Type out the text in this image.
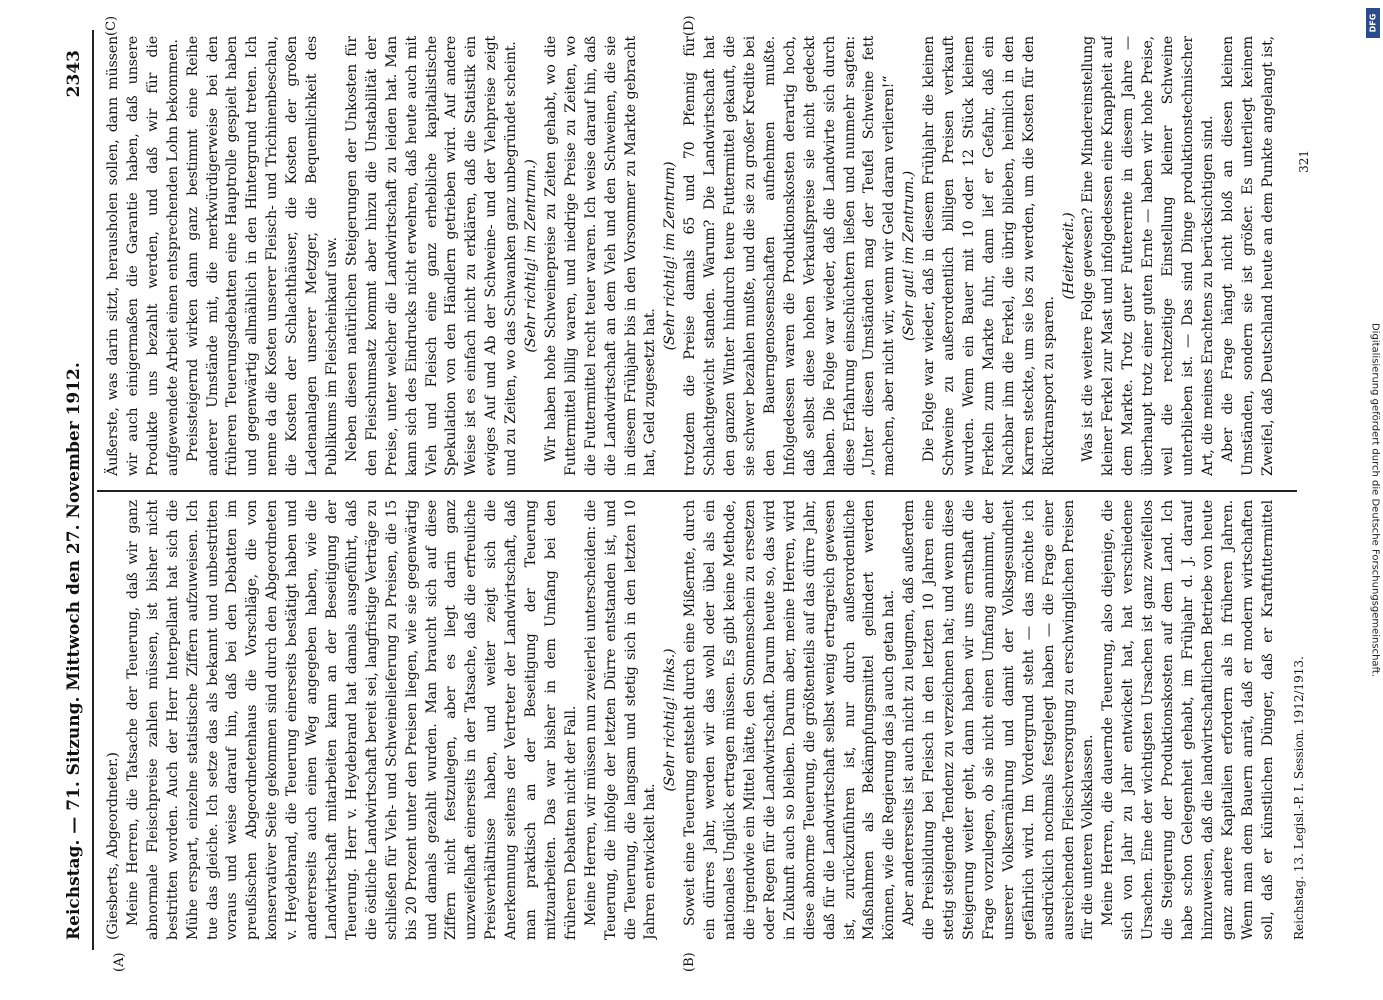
Reichstag. — 71. Sitzung. Mittwoch den 27. November 1912.
2343
(A)	(B)
(C)	(D)

(Giesberts, Abgeordneter.) Meine Herren, die Tatsache der Teuerung, daß wir ganz abnormale Fleischpreise zahlen müssen, ist bisher nicht bestritten worden. Auch der Herr Interpellant hat sich die Mühe erspart, einzelne statistische Ziffern aufzuweisen. Ich tue das gleiche. Ich setze das als bekannt und unbestritten voraus und weise darauf hin, daß bei den Debatten im preußischen Abgeordnetenhaus die Vorschläge, die von konservativer Seite gekommen sind durch den Abgeordneten v. Heydebrand, die Teuerung einerseits bestätigt haben und andererseits auch einen Weg angegeben haben, wie die Landwirtschaft mitarbeiten kann an der Beseitigung der Teuerung. Herr v. Heydebrand hat damals ausgeführt, daß die östliche Landwirtschaft bereit sei, langfristige Verträge zu schließen für Vieh- und Schweinelieferung zu Preisen, die 15 bis 20 Prozent unter den Preisen liegen, wie sie gegenwärtig und damals gezahlt wurden. Man braucht sich auf diese Ziffern nicht festzulegen, aber es liegt darin ganz unzweifelhaft einerseits in der Tatsache, daß die erfreuliche Preisverhältnisse haben, und weiter zeigt sich die Anerkennung seitens der Vertreter der Landwirtschaft, daß man praktisch an der Beseitigung der Teuerung mitzuarbeiten. Das war bisher in dem Umfang bei den früheren Debatten nicht der Fall. Meine Herren, wir müssen nun zweierlei unterscheiden: die Teuerung, die infolge der letzten Dürre entstanden ist, und die Teuerung, die langsam und stetig sich in den letzten 10 Jahren entwickelt hat.

(Sehr richtig! links.) Soweit eine Teuerung entsteht durch eine Mißernte, durch ein dürres Jahr, werden wir das wohl oder übel als ein nationales Unglück ertragen müssen. Es gibt keine Methode, die irgendwie ein Mittel hätte, den Sonnenschein zu ersetzen oder Regen für die Landwirtschaft. Darum heute so, das wird in Zukunft auch so bleiben. Darum aber, meine Herren, wird diese abnorme Teuerung, die größtenteils auf das dürre Jahr, daß für die Landwirtschaft selbst wenig ertragreich gewesen ist, zurückzuführen ist, nur durch außerordentliche Maßnahmen als Bekämpfungsmittel gelindert werden können, wie die Regierung das ja auch getan hat. Aber andererseits ist auch nicht zu leugnen, daß außerdem die Preisbildung bei Fleisch in den letzten 10 Jahren eine stetig steigende Tendenz zu verzeichnen hat; und wenn diese Steigerung weiter geht, dann haben wir uns ernsthaft die Frage vorzulegen, ob sie nicht einen Umfang annimmt, der unserer Volksernährung und damit der Volksgesundheit gefährlich wird. Im Vordergrund steht — das möchte ich ausdrücklich nochmals festgelegt haben — die Frage einer ausreichenden Fleischversorgung zu erschwinglichen Preisen für die unteren Volksklassen. Meine Herren, die dauernde Teuerung, also diejenige, die sich von Jahr zu Jahr entwickelt hat, hat verschiedene Ursachen. Eine der wichtigsten Ursachen ist ganz zweifellos die Steigerung der Produktionskosten auf dem Land. Ich habe schon Gelegenheit gehabt, im Frühjahr d. J. darauf hinzuweisen, daß die landwirtschaftlichen Betriebe von heute ganz andere Kapitalien erfordern als in früheren Jahren. Wenn man dem Bauern anrät, daß er modern wirtschaften soll, daß er künstlichen Dünger, daß er Kraftfuttermittel

Äußerste, was darin sitzt, herausholen sollen, dann müssen wir auch einigermaßen die Garantie haben, daß unsere Produkte uns bezahlt werden, und daß wir für die aufgewendete Arbeit einen entsprechenden Lohn bekommen. Preissteigernd wirken dann ganz bestimmt eine Reihe anderer Umstände mit, die merkwürdigerweise bei den früheren Teuerungsdebatten eine Hauptrolle gespielt haben und gegenwärtig allmählich in den Hintergrund treten. Ich nenne da die Kosten unserer Fleisch- und Trichinenbeschau, die Kosten der Schlachthäuser, die Kosten der großen Ladenanlagen unserer Metzger, die Bequemlichkeit des Publikums im Fleischeinkauf usw. Neben diesen natürlichen Steigerungen der Unkosten für den Fleischumsatz kommt aber hinzu die Unstabilität der Preise, unter welcher die Landwirtschaft zu leiden hat. Man kann sich des Eindrucks nicht erwehren, daß heute auch mit Vieh und Fleisch eine ganz erhebliche kapitalistische Spekulation von den Händlern getrieben wird. Auf andere Weise ist es einfach nicht zu erklären, daß die Statistik ein ewiges Auf und Ab der Schweine- und der Viehpreise zeigt und zu Zeiten, wo das Schwanken ganz unbegründet scheint. (Sehr richtig! im Zentrum.) Wir haben hohe Schweinepreise zu Zeiten gehabt, wo die Futtermittel billig waren, und niedrige Preise zu Zeiten, wo die Futtermittel recht teuer waren. Ich weise darauf hin, daß die Landwirtschaft an dem Vieh und den Schweinen, die sie in diesem Frühjahr bis in den Vorsommer zu Markte gebracht hat, Geld zugesetzt hat.

(Sehr richtig! im Zentrum) trotzdem die Preise damals 65 und 70 Pfennig für Schlachtgewicht standen. Warum? Die Landwirtschaft hat den ganzen Winter hindurch teure Futtermittel gekauft, die sie schwer bezahlen mußte, und die sie zu großer Kredite bei den Bauerngenossenschaften aufnehmen mußte. Infolgedessen waren die Produktionskosten derartig hoch, daß selbst diese hohen Verkaufspreise sie nicht gedeckt haben. Die Folge war wieder, daß die Landwirte sich durch diese Erfahrung einschüchtern ließen und nunmehr sagten: „Unter diesen Umständen mag der Teufel Schweine fett machen, aber nicht wir, wenn wir Geld daran verlieren!“ (Sehr gut! im Zentrum.) Die Folge war wieder, daß in diesem Frühjahr die kleinen Schweine zu außerordentlich billigen Preisen verkauft wurden. Wenn ein Bauer mit 10 oder 12 Stück kleinen Ferkeln zum Markte fuhr, dann lief er Gefahr, daß ein Nachbar ihm die Ferkel, die übrig blieben, heimlich in den Karren steckte, um sie los zu werden, um die Kosten für den Rücktransport zu sparen.

(Heiterkeit.) Was ist die weitere Folge gewesen? Eine Mindereinstellung kleiner Ferkel zur Mast und infolgedessen eine Knappheit auf dem Markte. Trotz guter Futterernte in diesem Jahre — überhaupt trotz einer guten Ernte — haben wir hohe Preise, weil die rechtzeitige Einstellung kleiner Schweine unterblieben ist. — Das sind Dinge produktionstechnischer Art, die meines Erachtens zu berücksichtigen sind. Aber die Frage hängt nicht bloß an diesen kleinen Umständen, sondern sie ist größer. Es unterliegt keinem Zweifel, daß Deutschland heute an dem Punkte angelangt ist,

Reichstag. 13. Legisl.-P. I. Session. 1912/1913.
321
Digitalisierung gefördert durch die Deutsche Forschungsgemeinschaft.
DFG
